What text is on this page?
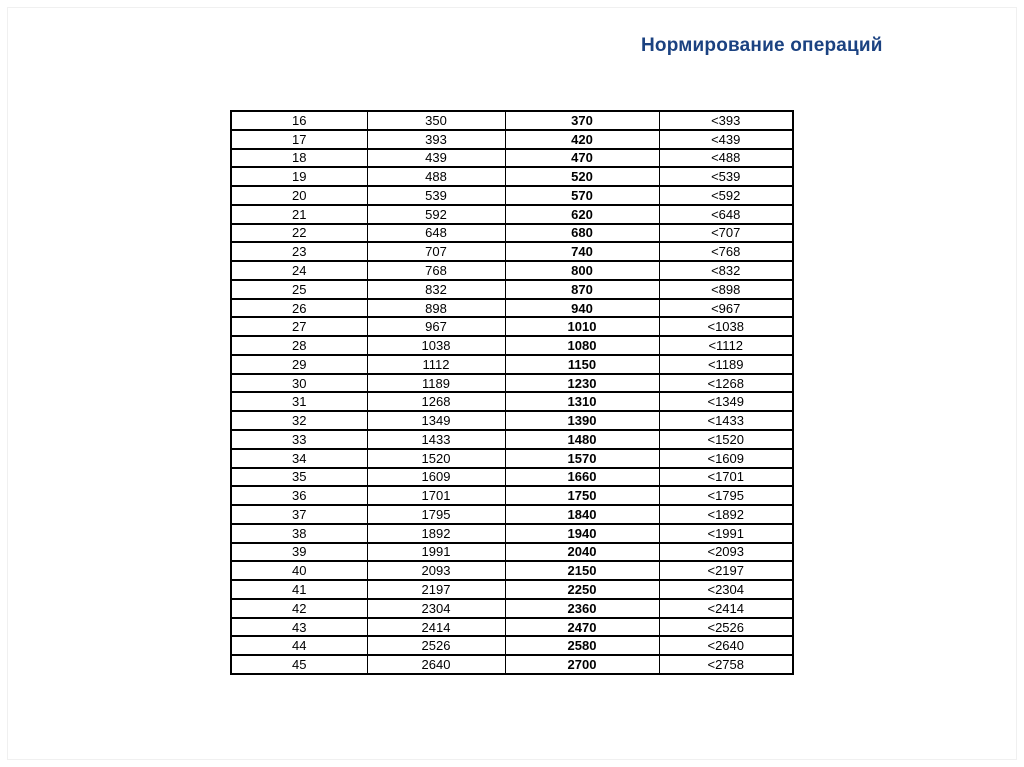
Нормирование операций
16	350	370	<393
17	393	420	<439
18	439	470	<488
19	488	520	<539
20	539	570	<592
21	592	620	<648
22	648	680	<707
23	707	740	<768
24	768	800	<832
25	832	870	<898
26	898	940	<967
27	967	1010	<1038
28	1038	1080	<1112
29	1112	1150	<1189
30	1189	1230	<1268
31	1268	1310	<1349
32	1349	1390	<1433
33	1433	1480	<1520
34	1520	1570	<1609
35	1609	1660	<1701
36	1701	1750	<1795
37	1795	1840	<1892
38	1892	1940	<1991
39	1991	2040	<2093
40	2093	2150	<2197
41	2197	2250	<2304
42	2304	2360	<2414
43	2414	2470	<2526
44	2526	2580	<2640
45	2640	2700	<2758
